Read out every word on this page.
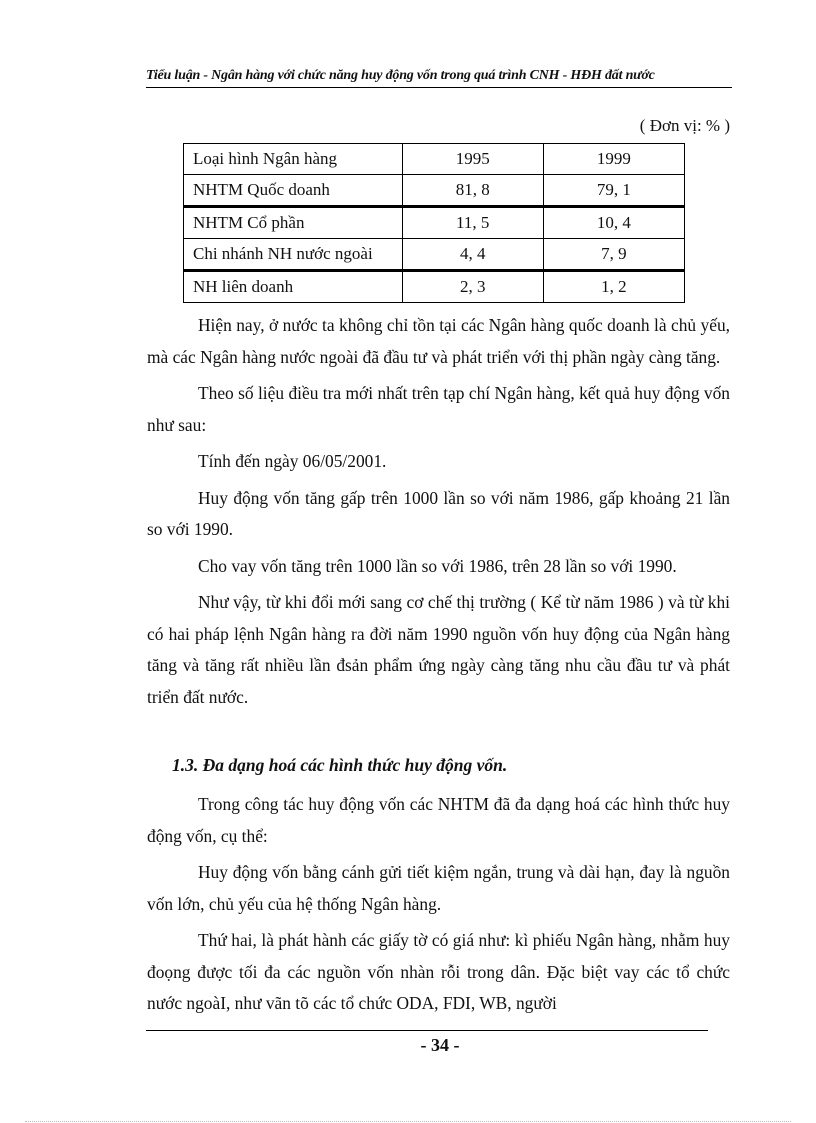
Tiểu luận - Ngân hàng với chức năng huy động vốn trong quá trình CNH - HĐH đất nước
( Đơn vị: % )
Loại hình Ngân hàng	1995	1999
NHTM Quốc doanh	81, 8	79, 1
NHTM Cổ phần	11, 5	10, 4
Chi nhánh NH nước ngoài	4, 4	7, 9
NH liên doanh	2, 3	1, 2

Hiện nay, ở nước ta không chỉ tồn tại các Ngân hàng quốc doanh là chủ yếu, mà các Ngân hàng nước ngoài đã đầu tư và phát triển với thị phần ngày càng tăng.

Theo số liệu điều tra mới nhất trên tạp chí Ngân hàng, kết quả huy động vốn như sau:

Tính đến ngày 06/05/2001.

Huy động vốn tăng gấp trên 1000 lần so với năm 1986, gấp khoảng 21 lần so với 1990.

Cho vay vốn tăng trên 1000 lần so với 1986, trên 28 lần so với 1990.

Như vậy, từ khi đổi mới sang cơ chế thị trường ( Kể từ năm 1986 ) và từ khi có hai pháp lệnh Ngân hàng ra đời năm 1990 nguồn vốn huy động của Ngân hàng tăng và tăng rất nhiều lần đsản phẩm ứng ngày càng tăng nhu cầu đầu tư và phát triển đất nước.

1.3. Đa dạng hoá các hình thức huy động vốn.

Trong công tác huy động vốn các NHTM đã đa dạng hoá các hình thức huy động vốn, cụ thể:

Huy động vốn bằng cánh gửi tiết kiệm ngắn, trung và dài hạn, đay là nguồn vốn lớn, chủ yếu của hệ thống Ngân hàng.

Thứ hai, là phát hành các giấy tờ có giá như: kì phiếu Ngân hàng, nhằm huy đoọng được tối đa các nguồn vốn nhàn rỗi trong dân. Đặc biệt vay các tổ chức nước ngoàI, như vãn tõ các tổ chức ODA, FDI, WB, người

- 34 -
